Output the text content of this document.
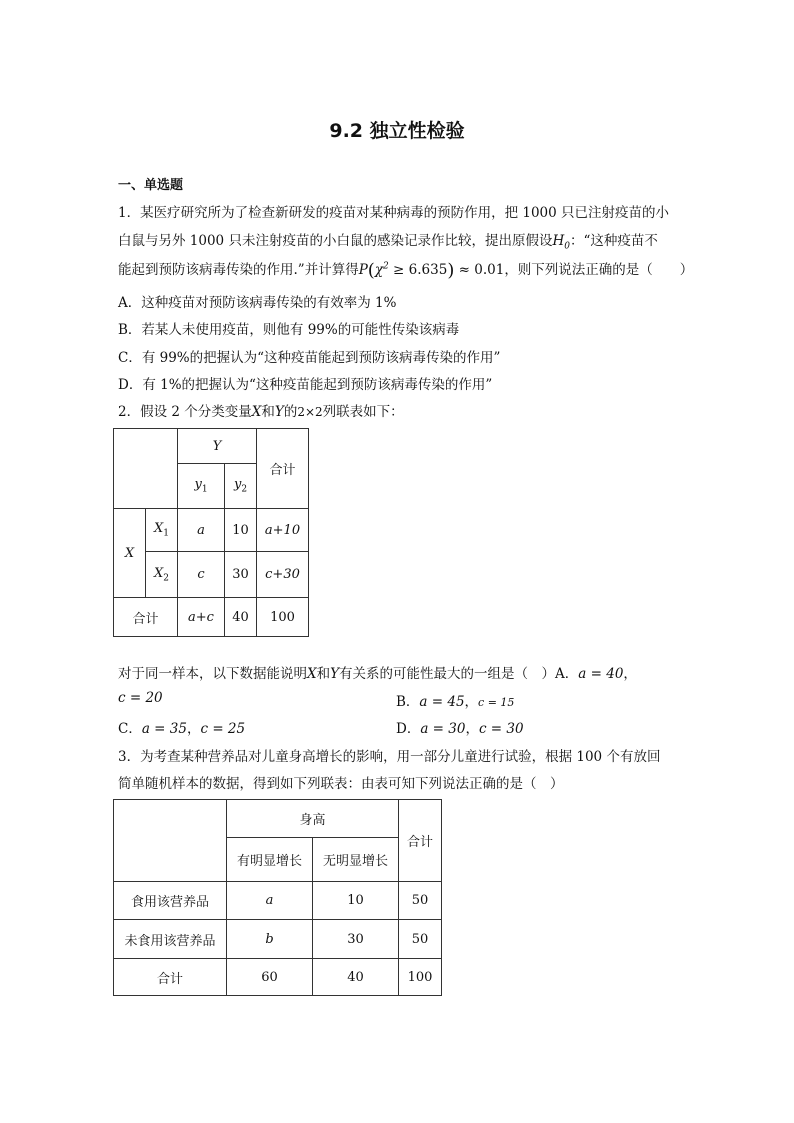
9.2 独立性检验
一、单选题
1．某医疗研究所为了检查新研发的疫苗对某种病毒的预防作用，把 1000 只已注射疫苗的小
白鼠与另外 1000 只未注射疫苗的小白鼠的感染记录作比较，提出原假设$H_0$：“这种疫苗不
能起到预防该病毒传染的作用.”并计算得$P(\chi^2 \ge 6.635) \approx 0.01$，则下列说法正确的是（　　）
A．这种疫苗对预防该病毒传染的有效率为 1%
B．若某人未使用疫苗，则他有 99%的可能性传染该病毒
C．有 99%的把握认为“这种疫苗能起到预防该病毒传染的作用”
D．有 1%的把握认为“这种疫苗能起到预防该病毒传染的作用”
2．假设 2 个分类变量X和Y的2×2列联表如下：
		Y		合计
		$y_1$	$y_2$
X	$X_1$	a	10	a+10
	$X_2$	c	30	c+30
合计		a+c	40	100
对于同一样本，以下数据能说明X和Y有关系的可能性最大的一组是（　）A．a = 40，
c = 20	B．a = 45，c = 15
C．a = 35，c = 25	D．a = 30，c = 30
3．为考查某种营养品对儿童身高增长的影响，用一部分儿童进行试验，根据 100 个有放回
简单随机样本的数据，得到如下列联表：由表可知下列说法正确的是（　）
	身高		合计
	有明显增长	无明显增长	
食用该营养品	a	10	50
未食用该营养品	b	30	50
合计	60	40	100
